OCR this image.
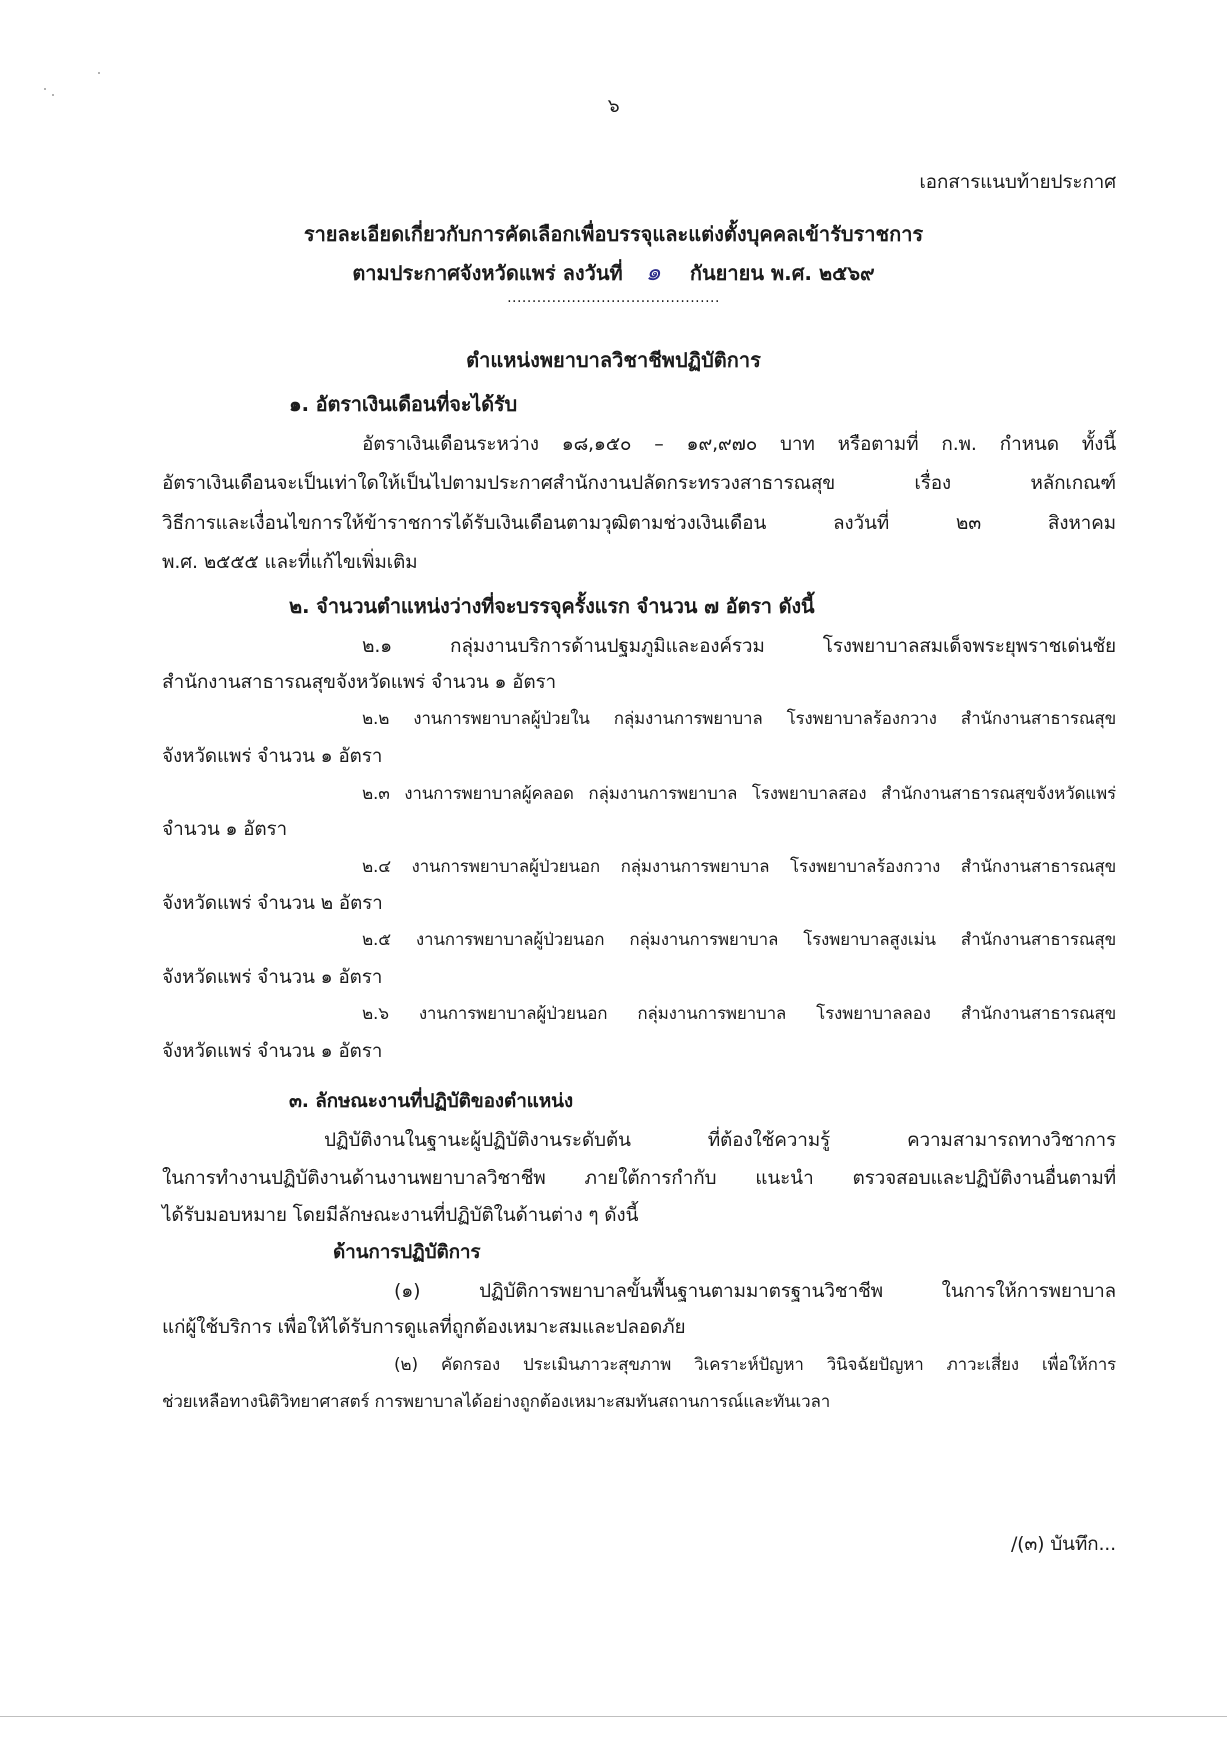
๖
เอกสารแนบท้ายประกาศ
รายละเอียดเกี่ยวกับการคัดเลือกเพื่อบรรจุและแต่งตั้งบุคคลเข้ารับราชการ
ตามประกาศจังหวัดแพร่ ลงวันที่ ๑ กันยายน พ.ศ. ๒๕๖๙
...........................................
ตำแหน่งพยาบาลวิชาชีพปฏิบัติการ
๑. อัตราเงินเดือนที่จะได้รับ
อัตราเงินเดือนระหว่าง ๑๘,๑๕๐ – ๑๙,๙๗๐ บาท หรือตามที่ ก.พ. กำหนด ทั้งนี้
อัตราเงินเดือนจะเป็นเท่าใดให้เป็นไปตามประกาศสำนักงานปลัดกระทรวงสาธารณสุข เรื่อง หลักเกณฑ์
วิธีการและเงื่อนไขการให้ข้าราชการได้รับเงินเดือนตามวุฒิตามช่วงเงินเดือน ลงวันที่ ๒๓ สิงหาคม
พ.ศ. ๒๕๕๕ และที่แก้ไขเพิ่มเติม
๒. จำนวนตำแหน่งว่างที่จะบรรจุครั้งแรก จำนวน ๗ อัตรา ดังนี้
๒.๑ กลุ่มงานบริการด้านปฐมภูมิและองค์รวม โรงพยาบาลสมเด็จพระยุพราชเด่นชัย
สำนักงานสาธารณสุขจังหวัดแพร่ จำนวน ๑ อัตรา
๒.๒ งานการพยาบาลผู้ป่วยใน กลุ่มงานการพยาบาล โรงพยาบาลร้องกวาง สำนักงานสาธารณสุข
จังหวัดแพร่ จำนวน ๑ อัตรา
๒.๓ งานการพยาบาลผู้คลอด กลุ่มงานการพยาบาล โรงพยาบาลสอง สำนักงานสาธารณสุขจังหวัดแพร่
จำนวน ๑ อัตรา
๒.๔ งานการพยาบาลผู้ป่วยนอก กลุ่มงานการพยาบาล โรงพยาบาลร้องกวาง สำนักงานสาธารณสุข
จังหวัดแพร่ จำนวน ๒ อัตรา
๒.๕ งานการพยาบาลผู้ป่วยนอก กลุ่มงานการพยาบาล โรงพยาบาลสูงเม่น สำนักงานสาธารณสุข
จังหวัดแพร่ จำนวน ๑ อัตรา
๒.๖ งานการพยาบาลผู้ป่วยนอก กลุ่มงานการพยาบาล โรงพยาบาลลอง สำนักงานสาธารณสุข
จังหวัดแพร่ จำนวน ๑ อัตรา
๓. ลักษณะงานที่ปฏิบัติของตำแหน่ง
ปฏิบัติงานในฐานะผู้ปฏิบัติงานระดับต้น ที่ต้องใช้ความรู้ ความสามารถทางวิชาการ
ในการทำงานปฏิบัติงานด้านงานพยาบาลวิชาชีพ ภายใต้การกำกับ แนะนำ ตรวจสอบและปฏิบัติงานอื่นตามที่
ได้รับมอบหมาย โดยมีลักษณะงานที่ปฏิบัติในด้านต่าง ๆ ดังนี้
ด้านการปฏิบัติการ
(๑) ปฏิบัติการพยาบาลขั้นพื้นฐานตามมาตรฐานวิชาชีพ ในการให้การพยาบาล
แก่ผู้ใช้บริการ เพื่อให้ได้รับการดูแลที่ถูกต้องเหมาะสมและปลอดภัย
(๒) คัดกรอง ประเมินภาวะสุขภาพ วิเคราะห์ปัญหา วินิจฉัยปัญหา ภาวะเสี่ยง เพื่อให้การ
ช่วยเหลือทางนิติวิทยาศาสตร์ การพยาบาลได้อย่างถูกต้องเหมาะสมทันสถานการณ์และทันเวลา
/(๓) บันทึก...
